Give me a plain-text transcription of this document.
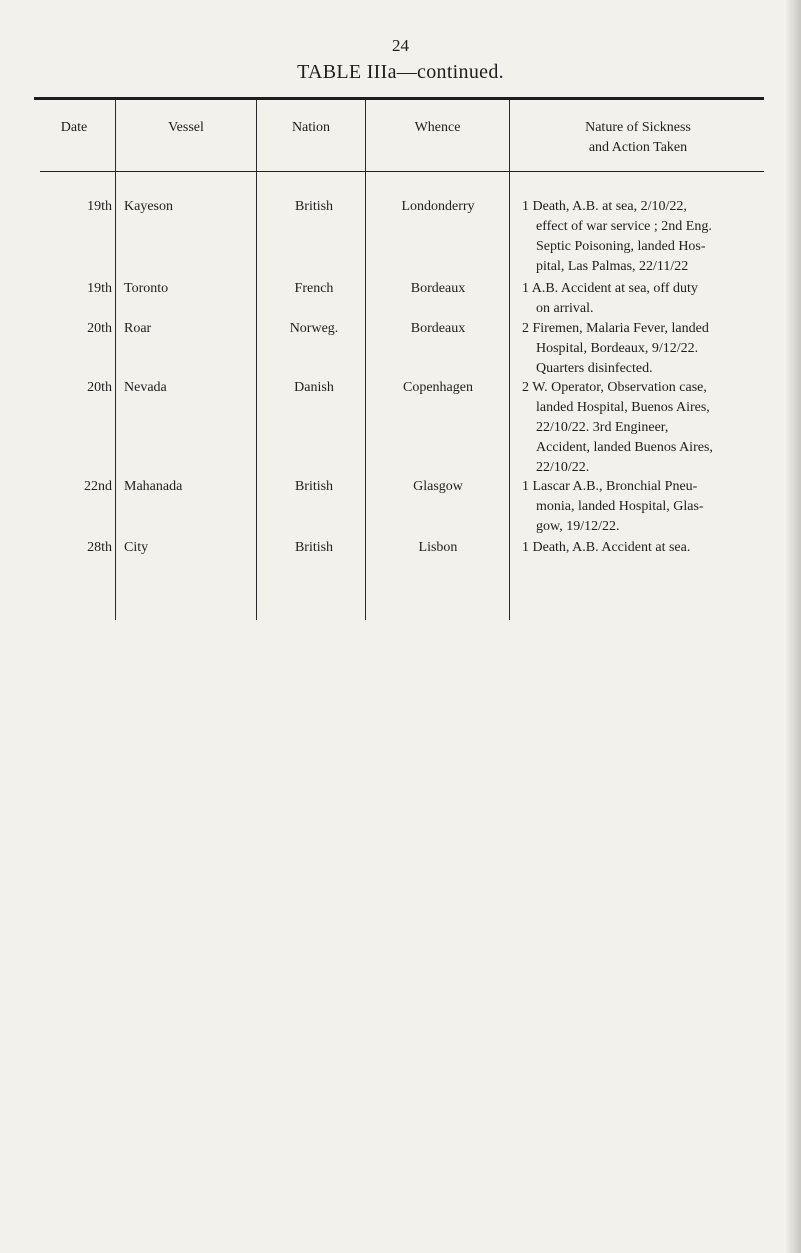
24
TABLE IIIa—continued.
Date	Vessel	Nation	Whence	Nature of Sickness
and Action Taken
19th Kayeson	British	Londonderry	1 Death, A.B. at sea, 2/10/22,
effect of war service ; 2nd Eng.
Septic Poisoning, landed Hos-
pital, Las Palmas, 22/11/22
19th Toronto	French	Bordeaux	1 A.B. Accident at sea, off duty
on arrival.
20th Roar	Norweg.	Bordeaux	2 Firemen, Malaria Fever, landed
Hospital, Bordeaux, 9/12/22.
Quarters disinfected.
20th Nevada	Danish	Copenhagen	2 W. Operator, Observation case,
landed Hospital, Buenos Aires,
22/10/22. 3rd Engineer,
Accident, landed Buenos Aires,
22/10/22.
22nd Mahanada	British	Glasgow	1 Lascar A.B., Bronchial Pneu-
monia, landed Hospital, Glas-
gow, 19/12/22.
28th City	British	Lisbon	1 Death, A.B. Accident at sea.
